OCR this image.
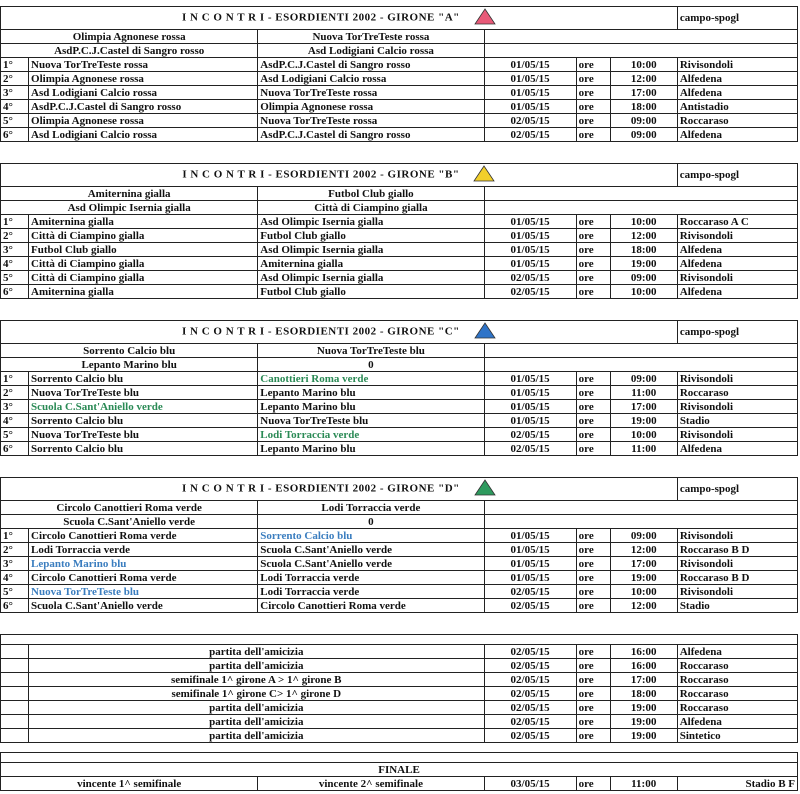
I N C O N T R I - ESORDIENTI 2002 - GIRONE "A"						campo-spogl
Olimpia Agnonese rossa		Nuova TorTreTeste rossa				
AsdP.C.J.Castel di Sangro rosso		Asd Lodigiani Calcio rossa				
1°	Nuova TorTreTeste rossa	AsdP.C.J.Castel di Sangro rosso	01/05/15	ore	10:00	Rivisondoli
2°	Olimpia Agnonese rossa	Asd Lodigiani Calcio rossa	01/05/15	ore	12:00	Alfedena
3°	Asd Lodigiani Calcio rossa	Nuova TorTreTeste rossa	01/05/15	ore	17:00	Alfedena
4°	AsdP.C.J.Castel di Sangro rosso	Olimpia Agnonese rossa	01/05/15	ore	18:00	Antistadio
5°	Olimpia Agnonese rossa	Nuova TorTreTeste rossa	02/05/15	ore	09:00	Roccaraso
6°	Asd Lodigiani Calcio rossa	AsdP.C.J.Castel di Sangro rosso	02/05/15	ore	09:00	Alfedena
I N C O N T R I - ESORDIENTI 2002 - GIRONE "B"						campo-spogl
Amiternina gialla		Futbol Club giallo				
Asd Olimpic Isernia gialla		Città di Ciampino gialla				
1°	Amiternina gialla	Asd Olimpic Isernia gialla	01/05/15	ore	10:00	Roccaraso A C
2°	Città di Ciampino gialla	Futbol Club giallo	01/05/15	ore	12:00	Rivisondoli
3°	Futbol Club giallo	Asd Olimpic Isernia gialla	01/05/15	ore	18:00	Alfedena
4°	Città di Ciampino gialla	Amiternina gialla	01/05/15	ore	19:00	Alfedena
5°	Città di Ciampino gialla	Asd Olimpic Isernia gialla	02/05/15	ore	09:00	Rivisondoli
6°	Amiternina gialla	Futbol Club giallo	02/05/15	ore	10:00	Alfedena
I N C O N T R I - ESORDIENTI 2002 - GIRONE "C"						campo-spogl
Sorrento Calcio blu		Nuova TorTreTeste blu				
Lepanto Marino blu		0				
1°	Sorrento Calcio blu	Canottieri Roma verde	01/05/15	ore	09:00	Rivisondoli
2°	Nuova TorTreTeste blu	Lepanto Marino blu	01/05/15	ore	11:00	Roccaraso
3°	Scuola C.Sant'Aniello verde	Lepanto Marino blu	01/05/15	ore	17:00	Rivisondoli
4°	Sorrento Calcio blu	Nuova TorTreTeste blu	01/05/15	ore	19:00	Stadio
5°	Nuova TorTreTeste blu	Lodi Torraccia verde	02/05/15	ore	10:00	Rivisondoli
6°	Sorrento Calcio blu	Lepanto Marino blu	02/05/15	ore	11:00	Alfedena
I N C O N T R I - ESORDIENTI 2002 - GIRONE "D"						campo-spogl
Circolo Canottieri Roma verde		Lodi Torraccia verde				
Scuola C.Sant'Aniello verde		0				
1°	Circolo Canottieri Roma verde	Sorrento Calcio blu	01/05/15	ore	09:00	Rivisondoli
2°	Lodi Torraccia verde	Scuola C.Sant'Aniello verde	01/05/15	ore	12:00	Roccaraso B D
3°	Lepanto Marino blu	Scuola C.Sant'Aniello verde	01/05/15	ore	17:00	Rivisondoli
4°	Circolo Canottieri Roma verde	Lodi Torraccia verde	01/05/15	ore	19:00	Roccaraso B D
5°	Nuova TorTreTeste blu	Lodi Torraccia verde	02/05/15	ore	10:00	Rivisondoli
6°	Scuola C.Sant'Aniello verde	Circolo Canottieri Roma verde	02/05/15	ore	12:00	Stadio

	partita dell'amicizia	02/05/15	ore	16:00	Alfedena
	partita dell'amicizia	02/05/15	ore	16:00	Roccaraso
	semifinale 1^ girone A > 1^ girone B	02/05/15	ore	17:00	Roccaraso
	semifinale 1^ girone C> 1^ girone D	02/05/15	ore	18:00	Roccaraso
	partita dell'amicizia	02/05/15	ore	19:00	Roccaraso
	partita dell'amicizia	02/05/15	ore	19:00	Alfedena
	partita dell'amicizia	02/05/15	ore	19:00	Sintetico

FINALE
vincente 1^ semifinale	vincente 2^ semifinale	03/05/15	ore	11:00	Stadio B F
